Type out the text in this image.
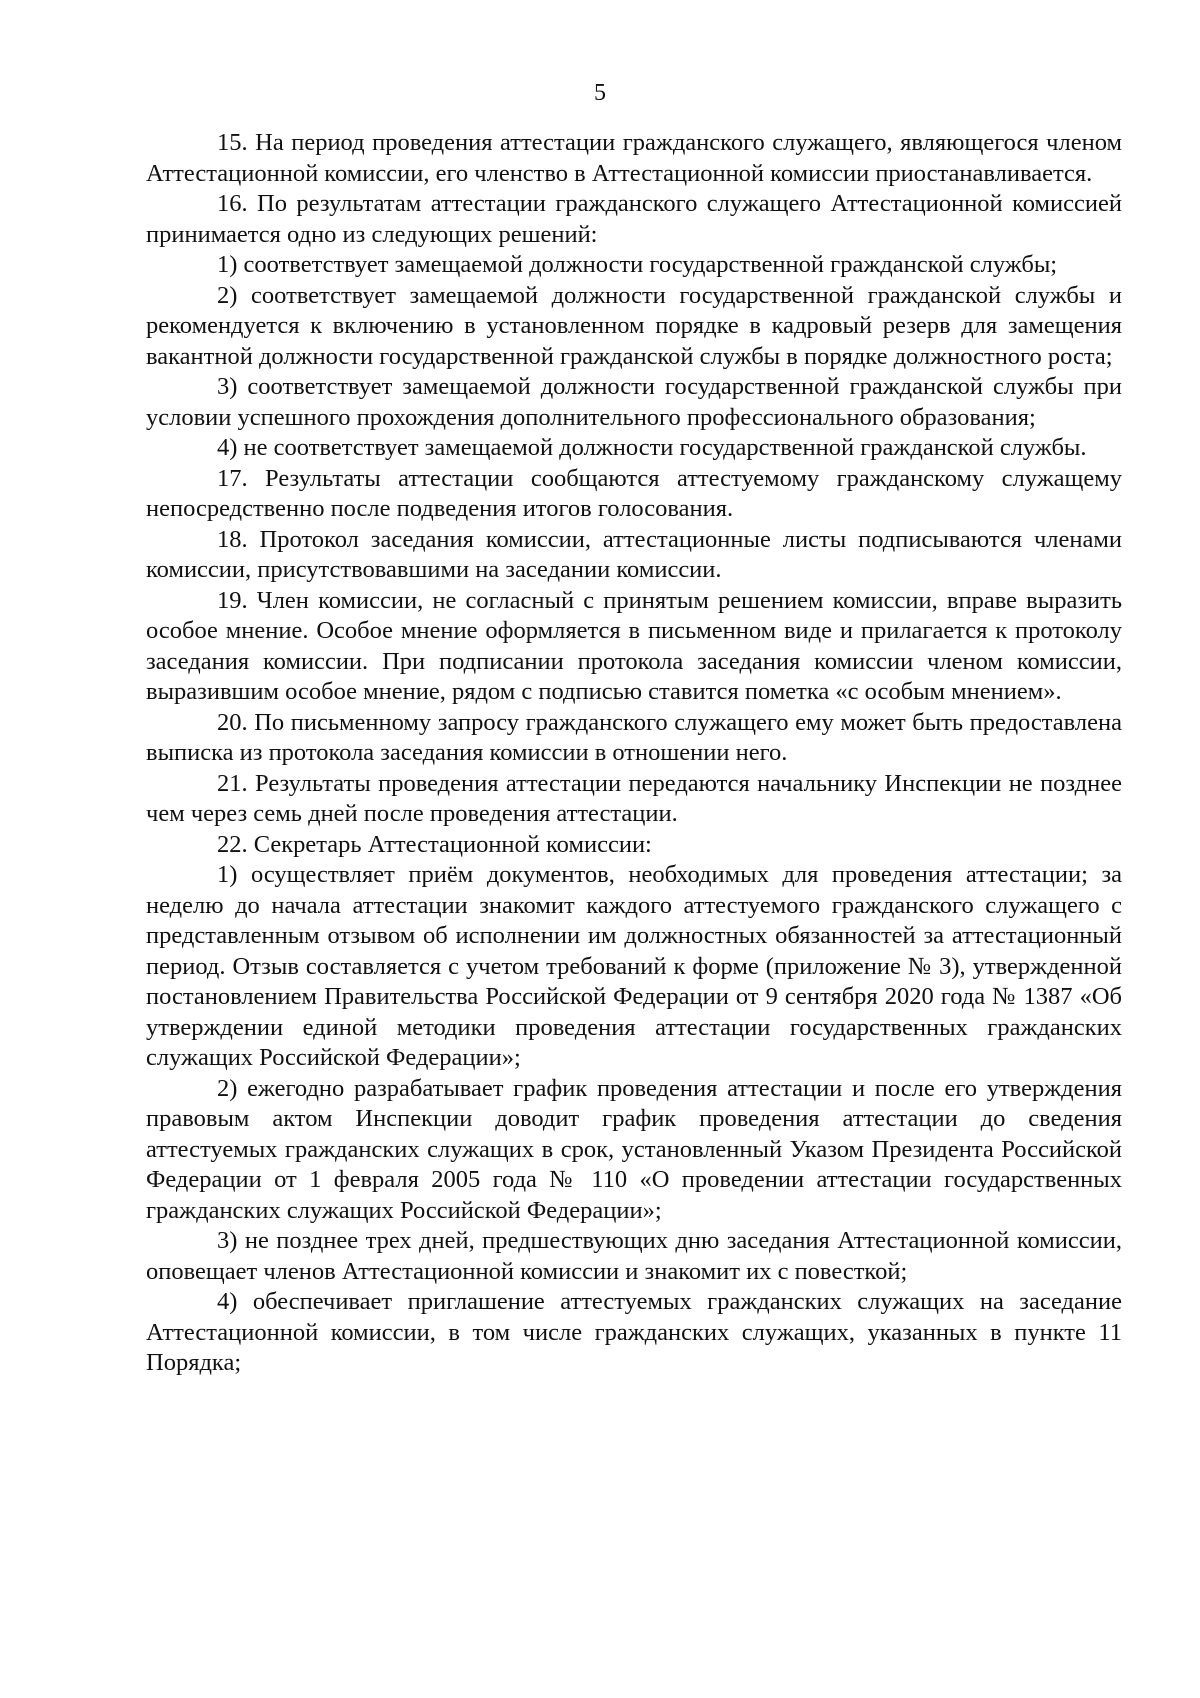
5

15. На период проведения аттестации гражданского служащего, являющегося членом Аттестационной комиссии, его членство в Аттестационной комиссии приостанавливается.

16. По результатам аттестации гражданского служащего Аттестационной комиссией принимается одно из следующих решений:

1) соответствует замещаемой должности государственной гражданской службы;

2) соответствует замещаемой должности государственной гражданской службы и рекомендуется к включению в установленном порядке в кадровый резерв для замещения вакантной должности государственной гражданской службы в порядке должностного роста;

3) соответствует замещаемой должности государственной гражданской службы при условии успешного прохождения дополнительного профессионального образования;

4) не соответствует замещаемой должности государственной гражданской службы.

17. Результаты аттестации сообщаются аттестуемому гражданскому служащему непосредственно после подведения итогов голосования.

18. Протокол заседания комиссии, аттестационные листы подписываются членами комиссии, присутствовавшими на заседании комиссии.

19. Член комиссии, не согласный с принятым решением комиссии, вправе выразить особое мнение. Особое мнение оформляется в письменном виде и прилагается к протоколу заседания комиссии. При подписании протокола заседания комиссии членом комиссии, выразившим особое мнение, рядом с подписью ставится пометка «с особым мнением».

20. По письменному запросу гражданского служащего ему может быть предоставлена выписка из протокола заседания комиссии в отношении него.

21. Результаты проведения аттестации передаются начальнику Инспекции не позднее чем через семь дней после проведения аттестации.

22. Секретарь Аттестационной комиссии:

1) осуществляет приём документов, необходимых для проведения аттестации; за неделю до начала аттестации знакомит каждого аттестуемого гражданского служащего с представленным отзывом об исполнении им должностных обязанностей за аттестационный период. Отзыв составляется с учетом требований к форме (приложение № 3), утвержденной постановлением Правительства Российской Федерации от 9 сентября 2020 года № 1387 «Об утверждении единой методики проведения аттестации государственных гражданских служащих Российской Федерации»;

2) ежегодно разрабатывает график проведения аттестации и после его утверждения правовым актом Инспекции доводит график проведения аттестации до сведения аттестуемых гражданских служащих в срок, установленный Указом Президента Российской Федерации от 1 февраля 2005 года № 110 «О проведении аттестации государственных гражданских служащих Российской Федерации»;

3) не позднее трех дней, предшествующих дню заседания Аттестационной комиссии, оповещает членов Аттестационной комиссии и знакомит их с повесткой;

4) обеспечивает приглашение аттестуемых гражданских служащих на заседание Аттестационной комиссии, в том числе гражданских служащих, указанных в пункте 11 Порядка;
